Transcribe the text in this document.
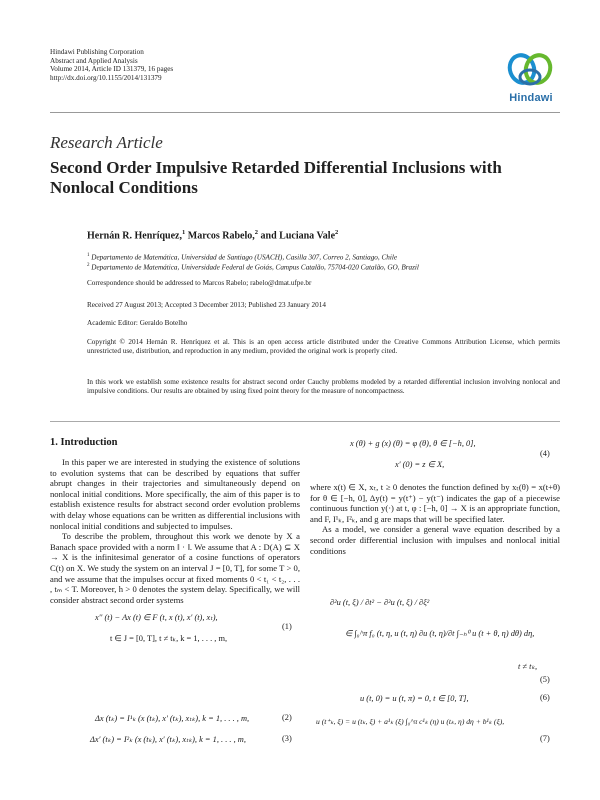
Hindawi Publishing Corporation
Abstract and Applied Analysis
Volume 2014, Article ID 131379, 16 pages
http://dx.doi.org/10.1155/2014/131379
Hindawi
Research Article
Second Order Impulsive Retarded Differential Inclusions with Nonlocal Conditions
Hernán R. Henríquez,$^1$ Marcos Rabelo,$^2$ and Luciana Vale$^2$
$^1$ Departamento de Matemática, Universidad de Santiago (USACH), Casilla 307, Correo 2, Santiago, Chile
$^2$ Departamento de Matemática, Universidade Federal de Goiás, Campus Catalão, 75704-020 Catalão, GO, Brazil
Correspondence should be addressed to Marcos Rabelo; rabelo@dmat.ufpe.br
Received 27 August 2013; Accepted 3 December 2013; Published 23 January 2014
Academic Editor: Geraldo Botelho
Copyright © 2014 Hernán R. Henríquez et al. This is an open access article distributed under the Creative Commons Attribution License, which permits unrestricted use, distribution, and reproduction in any medium, provided the original work is properly cited.
In this work we establish some existence results for abstract second order Cauchy problems modeled by a retarded differential inclusion involving nonlocal and impulsive conditions. Our results are obtained by using fixed point theory for the measure of noncompactness.
1. Introduction

In this paper we are interested in studying the existence of solutions to evolution systems that can be described by equations that suffer abrupt changes in their trajectories and simultaneously depend on nonlocal initial conditions. More specifically, the aim of this paper is to establish existence results for abstract second order evolution problems with delay whose equations can be written as differential inclusions with nonlocal initial conditions and subjected to impulses.

To describe the problem, throughout this work we denote by X a Banach space provided with a norm ‖ · ‖. We assume that A : D(A) ⊆ X → X is the infinitesimal generator of a cosine functions of operators C(t) on X. We study the system on an interval J = [0, T], for some T > 0, and we assume that the impulses occur at fixed moments 0 < t₁ < t₂, . . . , tₘ < T. Moreover, h > 0 denotes the system delay. Specifically, we will consider abstract second order systems

x′′ (t) − Ax (t) ∈ F (t, x (t), x′ (t), xₜ),
t ∈ J = [0, T], t ≠ tₖ, k = 1, . . . , m,
(1)
Δx (tₖ) = I¹ₖ (x (tₖ), x′ (tₖ), xₜₖ), k = 1, . . . , m,	(2)
Δx′ (tₖ) = I²ₖ (x (tₖ), x′ (tₖ), xₜₖ), k = 1, . . . , m,	(3)
x (θ) + g (x) (θ) = φ (θ), θ ∈ [−h, 0],
x′ (0) = z ∈ X,
(4)

where x(t) ∈ X, xₜ, t ≥ 0 denotes the function defined by xₜ(θ) = x(t+θ) for θ ∈ [−h, 0], Δy(t) = y(t⁺) − y(t⁻) indicates the gap of a piecewise continuous function y(·) at t, φ : [−h, 0] → X is an appropriate function, and F, I¹ₖ, I²ₖ, and g are maps that will be specified later.

As a model, we consider a general wave equation described by a second order differential inclusion with impulses and nonlocal initial conditions

∂²u (t, ξ) / ∂t² − ∂²u (t, ξ) / ∂ξ²
∈ ∫₀^π f₀ (t, η, u (t, η) ∂u (t, η)/∂t ∫₋ₕ⁰ u (t + θ, η) dθ) dη,
t ≠ tₖ,
(5)
u (t, 0) = u (t, π) = 0, t ∈ [0, T],	(6)
u (t⁺ₖ, ξ) = u (tₖ, ξ) + a¹ₖ (ξ) ∫₀^π c¹ₖ (η) u (tₖ, η) dη + b¹ₖ (ξ),
(7)
